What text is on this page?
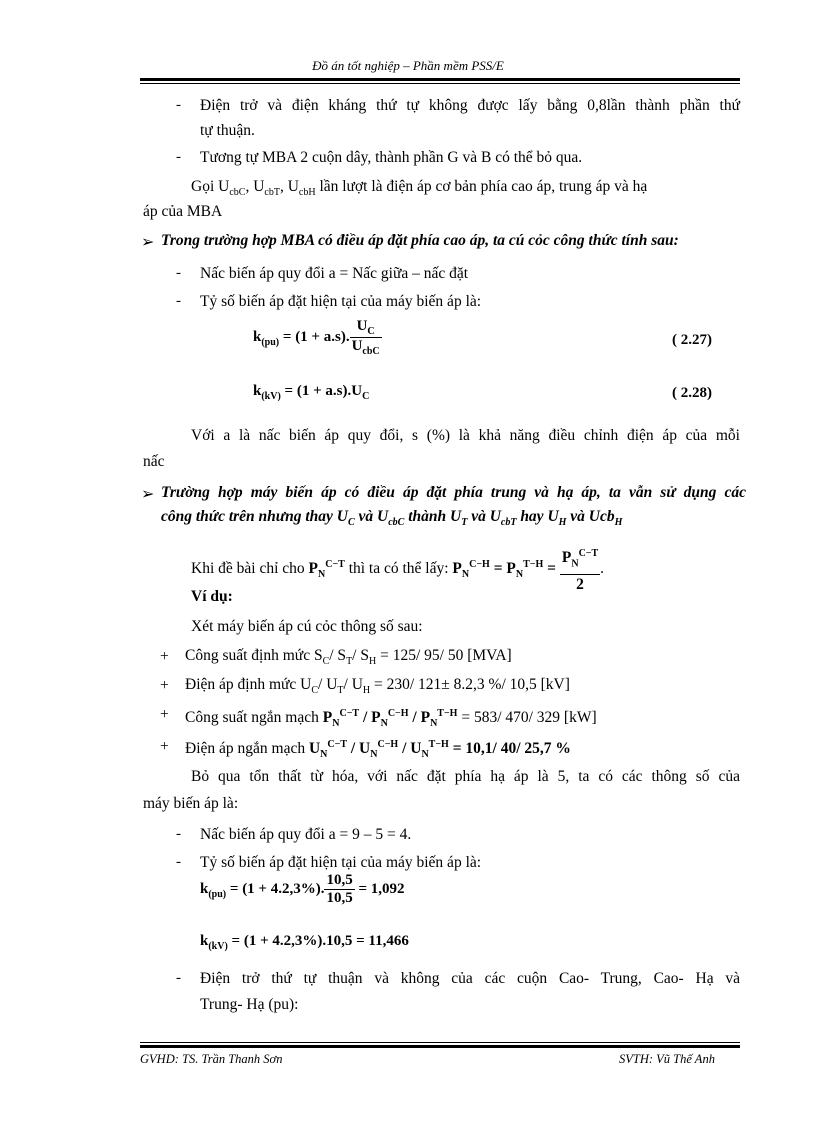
Đồ án tốt nghiệp – Phần mềm PSS/E
- Điện trở và điện kháng thứ tự không được lấy bằng 0,8lần thành phần thứ
tự thuận.
- Tương tự MBA 2 cuộn dây, thành phần G và B có thể bỏ qua.
Gọi $U_{cbC}$, $U_{cbT}$, $U_{cbH}$ lần lượt là điện áp cơ bản phía cao áp, trung áp và hạ
áp của MBA
➢ Trong trường hợp MBA có điều áp đặt phía cao áp, ta cú cỏc công thức tính sau:
- Nấc biến áp quy đổi a = Nấc giữa – nấc đặt
- Tỷ số biến áp đặt hiện tại của máy biến áp là:
$k_{(pu)} = (1 + a.s)$. $\frac{U_C}{U_{cbC}}$	( 2.27)
$k_{(kV)} = (1 + a.s).U_C$	( 2.28)
Với a là nấc biến áp quy đổi, s (%) là khả năng điều chỉnh điện áp của mỗi
nấc
➢ Trường hợp máy biến áp có điều áp đặt phía trung và hạ áp, ta vẫn sử dụng các
công thức trên nhưng thay $U_C$ và $U_{cbC}$ thành $U_T$ và $U_{cbT}$ hay $U_H$ và Ucb$_H$
Khi đề bài chỉ cho $P_N^{C-T}$ thì ta có thể lấy: $P_N^{C-H} = P_N^{T-H} = \frac{P_N^{C-T}}{2}$ .
Ví dụ:
Xét máy biến áp cú cỏc thông số sau:
+ Công suất định mức $S_C/$ $S_T/$ $S_H = 125/$ 95/ 50 [MVA]
+ Điện áp định mức $U_C/$ $U_T/$ $U_H = 230/$ 121± 8.2,3 %/ 10,5 [kV]
+ Công suất ngắn mạch $P_N^{C-T} / P_N^{C-H} / P_N^{T-H} = 583/$ 470/ 329 [kW]
+ Điện áp ngắn mạch $U_N^{C-T} / U_N^{C-H} / U_N^{T-H} = 10,1/$ 40/ 25,7 %
Bỏ qua tổn thất từ hóa, với nấc đặt phía hạ áp là 5, ta có các thông số của
máy biến áp là:
- Nấc biến áp quy đổi a = 9 – 5 = 4.
- Tỷ số biến áp đặt hiện tại của máy biến áp là:
$k_{(pu)} = (1 + 4.2,3\%)$. $\frac{10,5}{10,5} = 1,092$
$k_{(kV)} = (1 + 4.2,3\%).10,5 = 11,466$
- Điện trở thứ tự thuận và không của các cuộn Cao- Trung, Cao- Hạ và
Trung- Hạ (pu):
GVHD: TS. Trần Thanh Sơn	SVTH: Vũ Thế Anh
